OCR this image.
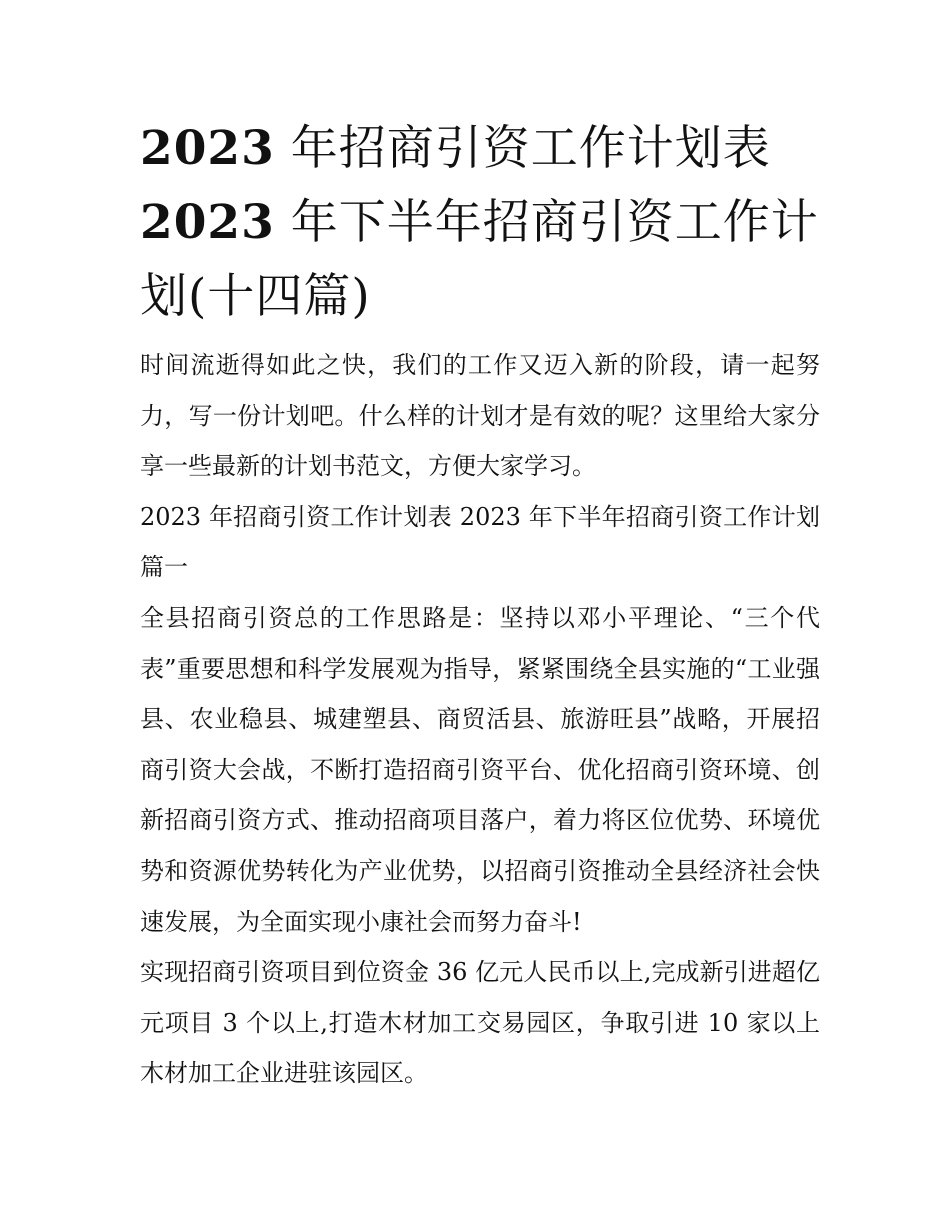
2023 年招商引资工作计划表
2023 年下半年招商引资工作计
划(十四篇)

时间流逝得如此之快，我们的工作又迈入新的阶段，请一起努力，写一份计划吧。什么样的计划才是有效的呢？这里给大家分享一些最新的计划书范文，方便大家学习。

2023 年招商引资工作计划表 2023 年下半年招商引资工作计划篇一

全县招商引资总的工作思路是：坚持以邓小平理论、“三个代表”重要思想和科学发展观为指导，紧紧围绕全县实施的“工业强县、农业稳县、城建塑县、商贸活县、旅游旺县”战略，开展招商引资大会战，不断打造招商引资平台、优化招商引资环境、创新招商引资方式、推动招商项目落户，着力将区位优势、环境优势和资源优势转化为产业优势，以招商引资推动全县经济社会快速发展，为全面实现小康社会而努力奋斗!

实现招商引资项目到位资金 36 亿元人民币以上,完成新引进超亿元项目 3 个以上,打造木材加工交易园区，争取引进 10 家以上木材加工企业进驻该园区。
